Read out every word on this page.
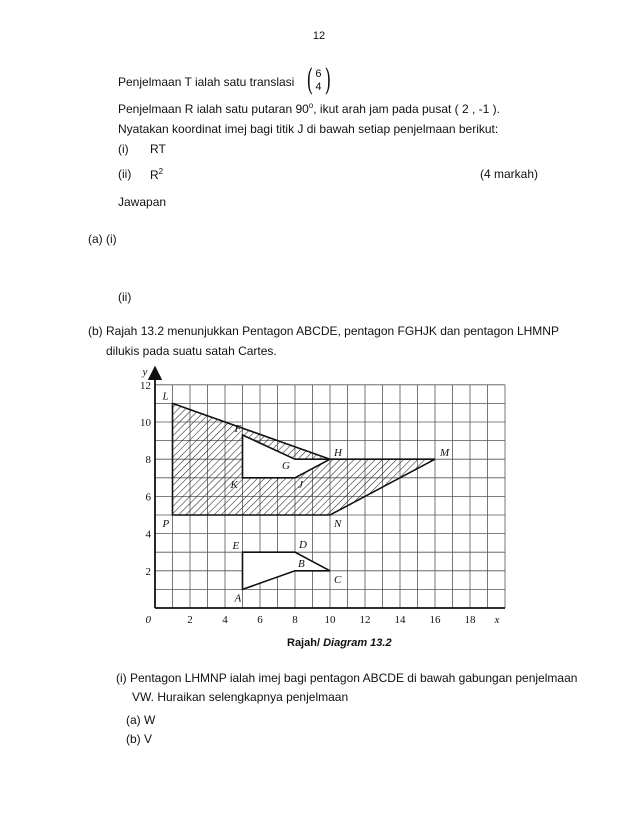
12
Penjelmaan T ialah satu translasi ( 6
4)
Penjelmaan R ialah satu putaran 90$^o$, ikut arah jam pada pusat ( 2 , -1 ).
Nyatakan koordinat imej bagi titik J di bawah setiap penjelmaan berikut:
(i) RT
(ii) $R^2$	(4 markah)
Jawapan
(a) (i)
(ii)
(b) Rajah 13.2 menunjukkan Pentagon ABCDE, pentagon FGHJK dan pentagon LHMNP
dilukis pada suatu satah Cartes.
2	4	6	8 10 12 14 16 18
2
4
6
8
10
12
0	x
y
A
B
C
D
E
L
H	M
N
P
F
G
J
K
Rajah/ Diagram 13.2
(i) Pentagon LHMNP ialah imej bagi pentagon ABCDE di bawah gabungan penjelmaan
VW. Huraikan selengkapnya penjelmaan
(a) W
(b) V
